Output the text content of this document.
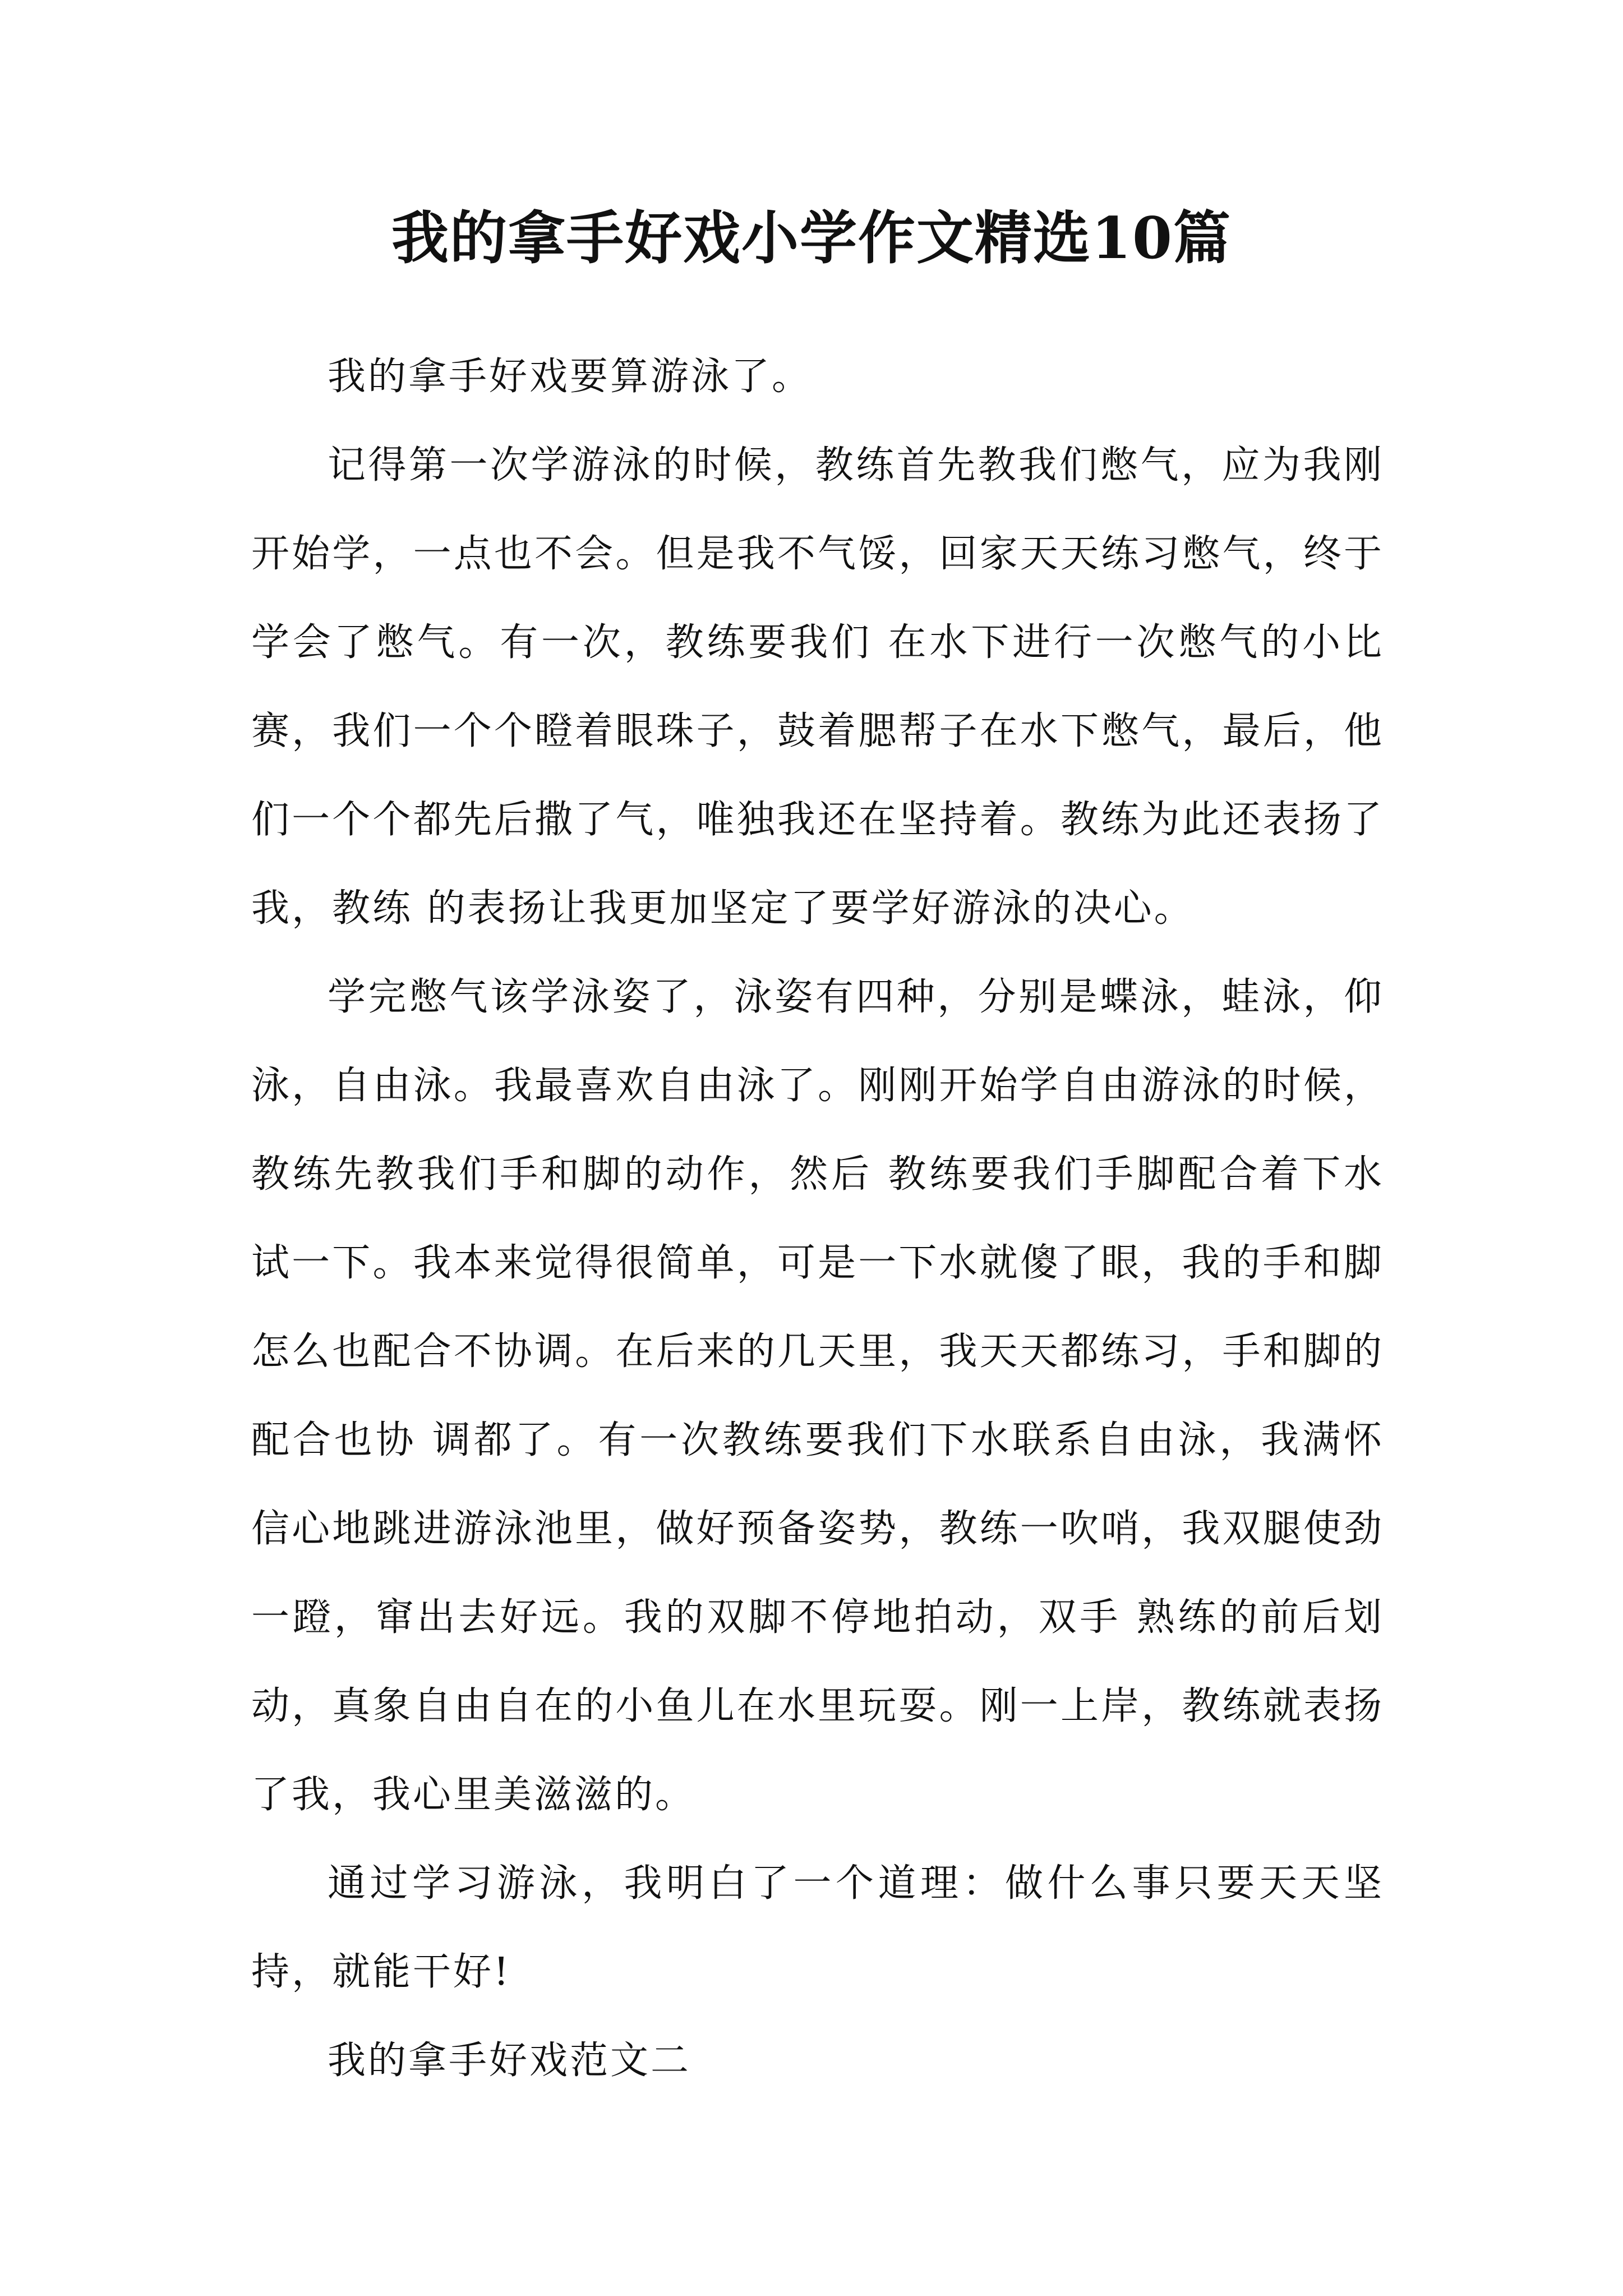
我的拿手好戏小学作文精选10篇

我的拿手好戏要算游泳了。

记得第一次学游泳的时候，教练首先教我们憋气，应为我刚开始学，一点也不会。但是我不气馁，回家天天练习憋气，终于学会了憋气。有一次，教练要我们 在水下进行一次憋气的小比赛，我们一个个瞪着眼珠子，鼓着腮帮子在水下憋气，最后，他们一个个都先后撒了气，唯独我还在坚持着。教练为此还表扬了我，教练 的表扬让我更加坚定了要学好游泳的决心。

学完憋气该学泳姿了，泳姿有四种，分别是蝶泳，蛙泳，仰泳，自由泳。我最喜欢自由泳了。刚刚开始学自由游泳的时候，教练先教我们手和脚的动作，然后 教练要我们手脚配合着下水试一下。我本来觉得很简单，可是一下水就傻了眼，我的手和脚怎么也配合不协调。在后来的几天里，我天天都练习，手和脚的配合也协 调都了。有一次教练要我们下水联系自由泳，我满怀信心地跳进游泳池里，做好预备姿势，教练一吹哨，我双腿使劲一蹬，窜出去好远。我的双脚不停地拍动，双手 熟练的前后划动，真象自由自在的小鱼儿在水里玩耍。刚一上岸，教练就表扬了我，我心里美滋滋的。

通过学习游泳，我明白了一个道理：做什么事只要天天坚持，就能干好!

我的拿手好戏范文二
